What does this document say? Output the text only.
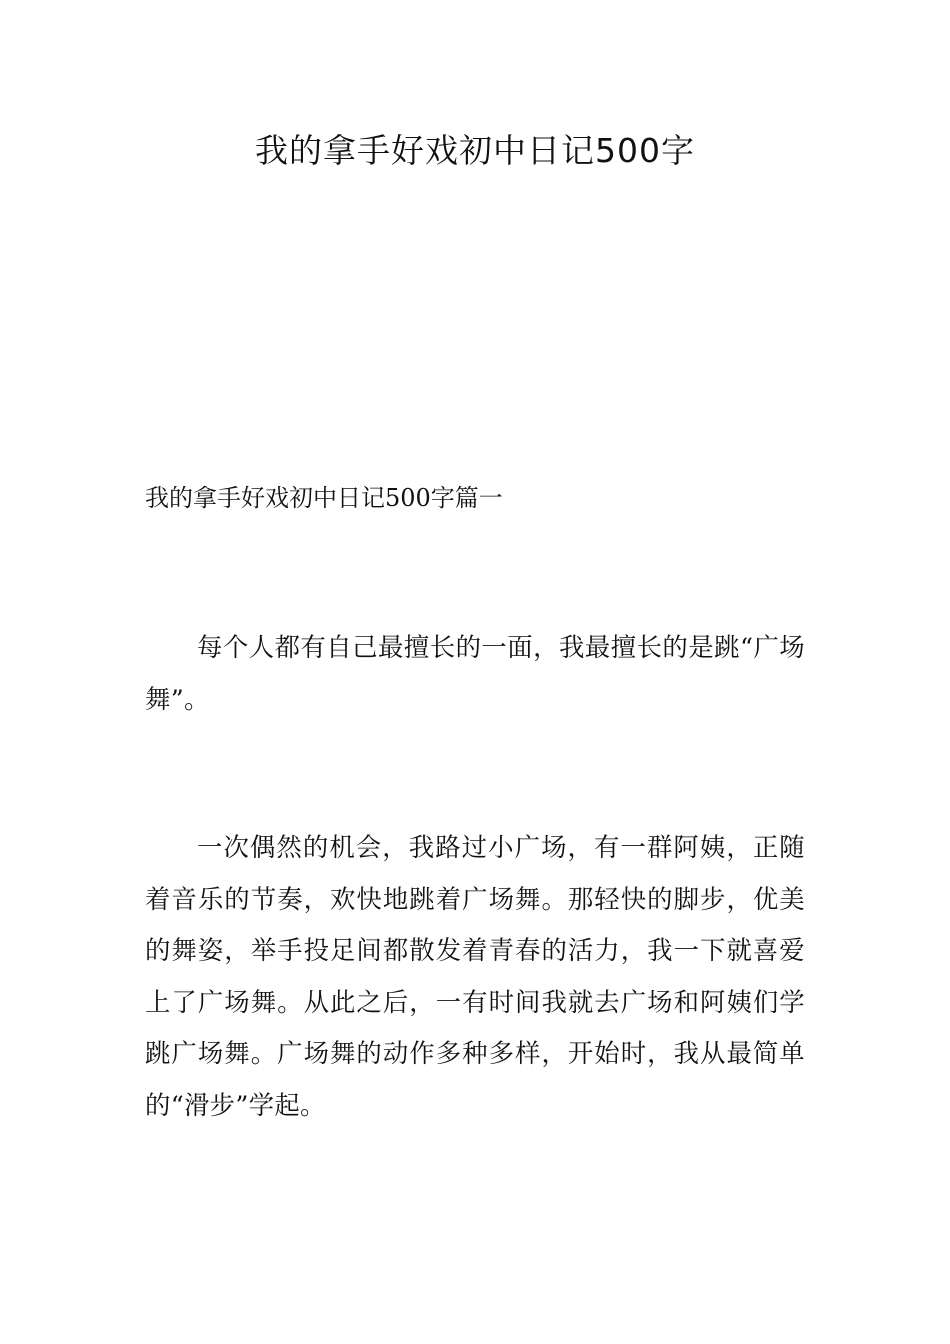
我的拿手好戏初中日记500字
我的拿手好戏初中日记500字篇一

每个人都有自己最擅长的一面，我最擅长的是跳“广场舞”。

一次偶然的机会，我路过小广场，有一群阿姨，正随着音乐的节奏，欢快地跳着广场舞。那轻快的脚步，优美的舞姿，举手投足间都散发着青春的活力，我一下就喜爱上了广场舞。从此之后，一有时间我就去广场和阿姨们学跳广场舞。广场舞的动作多种多样，开始时，我从最简单的“滑步”学起。
